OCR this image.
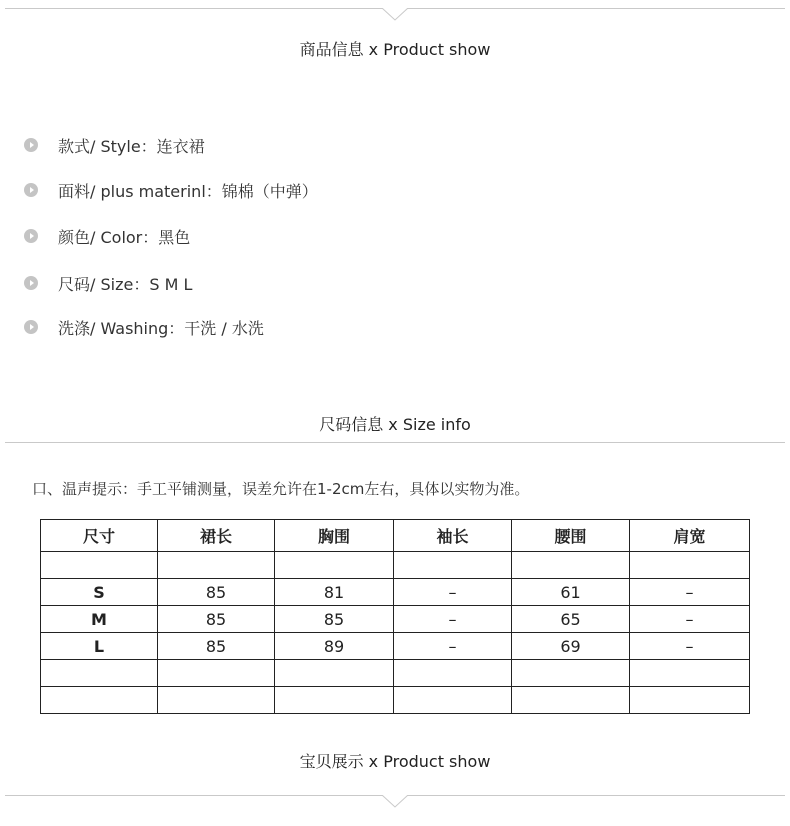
商品信息 x Product show
款式/ Style：连衣裙
面料/ plus materinl：锦棉（中弹）
颜色/ Color：黑色
尺码/ Size：S M L
洗涤/ Washing：干洗 / 水洗
尺码信息 x Size info
口、温声提示：手工平铺测量，误差允许在1-2cm左右，具体以实物为准。
尺寸	裙长	胸围	袖长	腰围	肩宽

S	85	81	–	61	–
M	85	85	–	65	–
L	85	89	–	69	–

宝贝展示 x Product show
